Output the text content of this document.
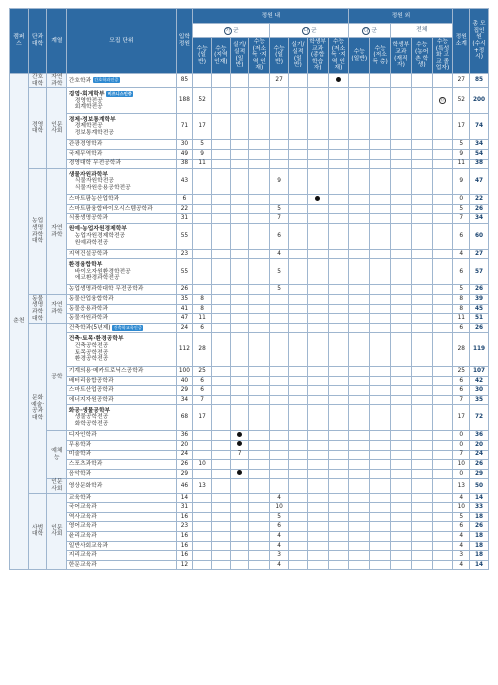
캠퍼스	단과대학	계열	모집 단위	입학정원	정원 내								정원 외					정원소계	총 모집인원 (수시+정시)
					가 군				나 군				다 군		전체				
					수능 (일반)	수능 (지역 인재)	실기/ 실적 (일반)	수능 (저소득 ·지역 인재)	수능 (일반)	실기/ 실적 (일반)	학생부 교과 (종합 학습자)	수능 (저소득 ·지역 인재)	수능 (일반)	수능 (저소득 층)	학생부 교과 (재직자)	수능 (농어촌 학생)	수능 (특성화 고교 졸업자)		
춘천	간호대학	자연과학	간호학과 간호학과인증	85					27									27	85
	경영대학	인문사회	경영·회계학부 비즈니스인증
경영학전공
회계학전공	188	52												⑮	52	200

			경제·정보통계학부
경제학전공
정보통계학전공	71	17													17	74
			관광경영학과	30	5													5	34
			국제무역학과	49	9													9	54
			경영대학 무전공학과	38	11													11	38
	농업생명과학대학	자연과학	생물자원과학부
식물자원학전공
식물자원응용공학전공	43					9									9	47
			스마트팜농산업학과	6														0	22
			스마트팜융합바이오시스템공학과	22					5									5	26
			식품생명공학과	31					7									7	34

			원예·농업자원경제학부
농업자원경제학전공
원예과학전공	55					6									6	60
			지역건설공학과	23					4									4	27

			환경융합학부
바이오자원환경학전공
에코환경과학전공	55					5									6	57
			농업생명과학대학 무전공학과	26					5									5	26
	동물생명과학대학	자연과학	동물산업융합학과	35	8													8	39
			동물응용과학과	41	8													8	45
			동물자원과학과	47	11													11	51
	문화예술·공과대학	공학	건축학과(5년제) 건축학교육인증	24	6													6	26

			건축·토목·환경공학부
건축공학전공
토목공학전공
환경공학전공	112	28													28	119
			기계의용·메카트로닉스공학과	100	25													25	107
			배터리융합공학과	40	6													6	42
			스마트산업공학과	29	6													6	30
			에너지자원공학과	34	7													7	35

			화공·생물공학부
생물공학전공
화학공학전공	68	17													17	72
		예체능	디자인학과	36														0	36
			무용학과	20														0	20
			미술학과	24			7											7	24
			스포츠과학과	26	10													10	26
			음악학과	29														0	29
		인문사회	영상문화학과	46	13													13	50
	사범대학	인문사회	교육학과	14					4									4	14
			국어교육과	31					10									10	33
			역사교육과	16					5									5	18
			영어교육과	23					6									6	26
			윤리교육과	16					4									4	18
			일반사회교육과	16					4									4	18
			지리교육과	16					3									3	18
			한문교육과	12					4									4	14
